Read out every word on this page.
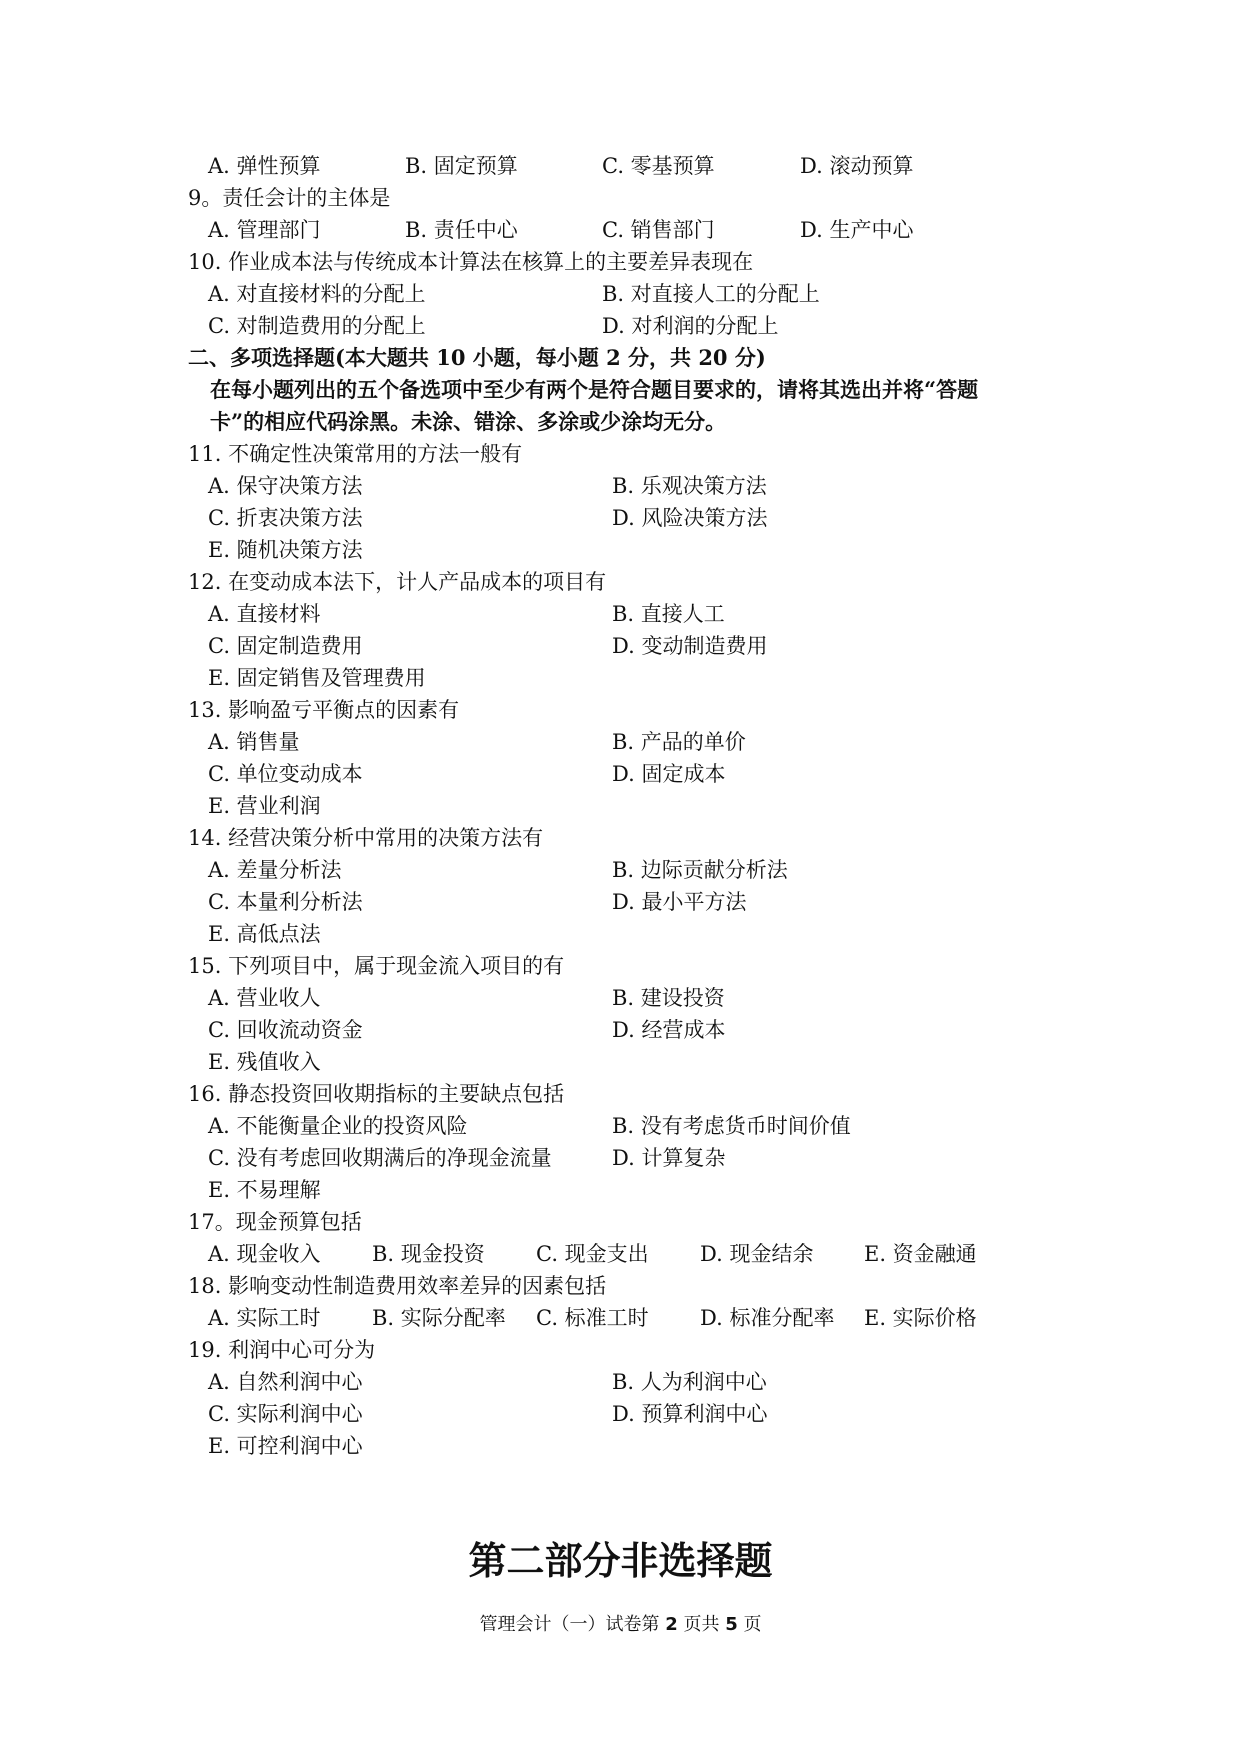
A. 弹性预算	B. 固定预算	C. 零基预算	D. 滚动预算
9。责任会计的主体是
A. 管理部门	B. 责任中心	C. 销售部门	D. 生产中心
10. 作业成本法与传统成本计算法在核算上的主要差异表现在
A. 对直接材料的分配上	B. 对直接人工的分配上
C. 对制造费用的分配上	D. 对利润的分配上
二、多项选择题(本大题共 10 小题，每小题 2 分，共 20 分)
在每小题列出的五个备选项中至少有两个是符合题目要求的，请将其选出并将“答题
卡”的相应代码涂黑。未涂、错涂、多涂或少涂均无分。
11. 不确定性决策常用的方法一般有
A. 保守决策方法	B. 乐观决策方法
C. 折衷决策方法	D. 风险决策方法
E. 随机决策方法
12. 在变动成本法下，计人产品成本的项目有
A. 直接材料	B. 直接人工
C. 固定制造费用	D. 变动制造费用
E. 固定销售及管理费用
13. 影响盈亏平衡点的因素有
A. 销售量	B. 产品的单价
C. 单位变动成本	D. 固定成本
E. 营业利润
14. 经营决策分析中常用的决策方法有
A. 差量分析法	B. 边际贡献分析法
C. 本量利分析法	D. 最小平方法
E. 高低点法
15. 下列项目中，属于现金流入项目的有
A. 营业收人	B. 建设投资
C. 回收流动资金	D. 经营成本
E. 残值收入
16. 静态投资回收期指标的主要缺点包括
A. 不能衡量企业的投资风险	B. 没有考虑货币时间价值
C. 没有考虑回收期满后的净现金流量	D. 计算复杂
E. 不易理解
17。现金预算包括
A. 现金收入 B. 现金投资 C. 现金支出 D. 现金结余 E. 资金融通
18. 影响变动性制造费用效率差异的因素包括
A. 实际工时 B. 实际分配率 C. 标准工时 D. 标准分配率 E. 实际价格
19. 利润中心可分为
A. 自然利润中心	B. 人为利润中心
C. 实际利润中心	D. 预算利润中心
E. 可控利润中心
第二部分非选择题
管理会计（一）试卷第 2 页共 5 页
